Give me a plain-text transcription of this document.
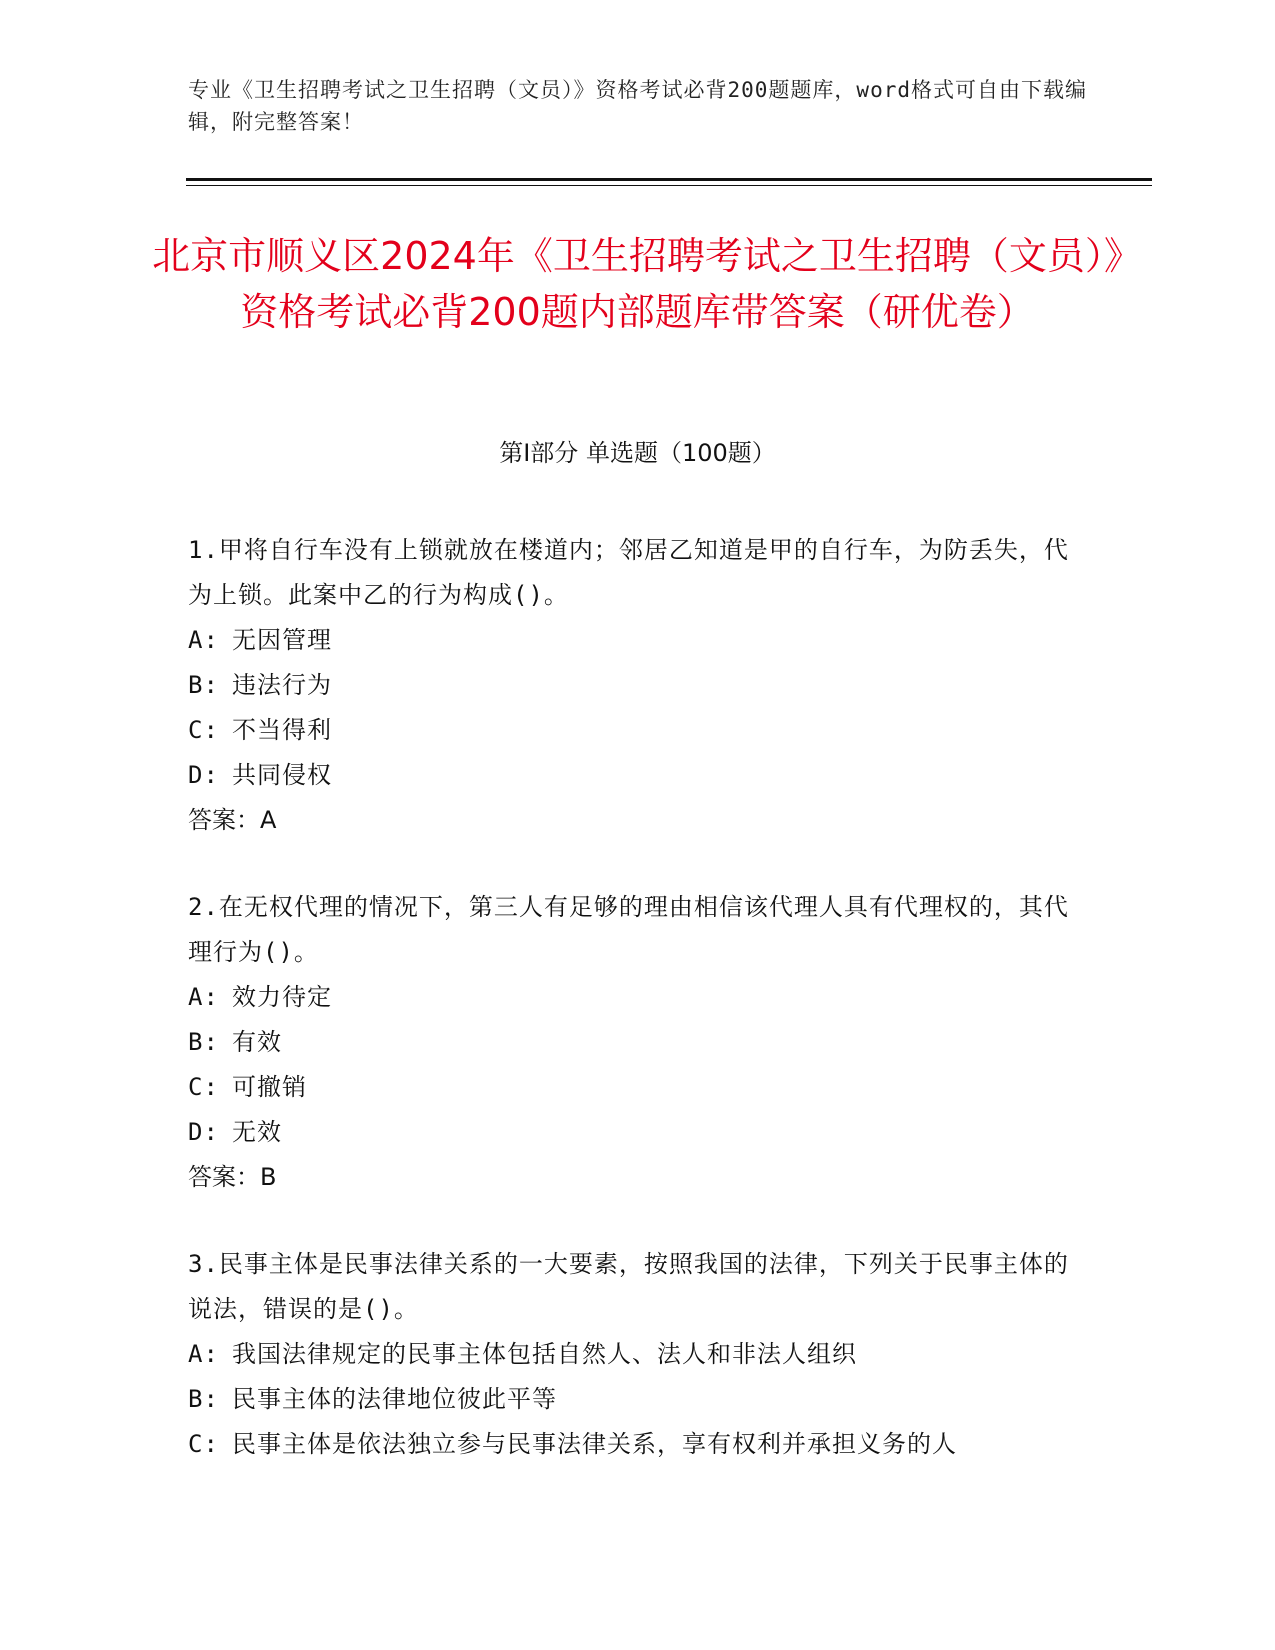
专业《卫生招聘考试之卫生招聘（文员）》资格考试必背200题题库，word格式可自由下载编辑，附完整答案！
北京市顺义区2024年《卫生招聘考试之卫生招聘（文员）》资格考试必背200题内部题库带答案（研优卷）
第Ⅰ部分 单选题（100题）
1.甲将自行车没有上锁就放在楼道内；邻居乙知道是甲的自行车，为防丢失，代为上锁。此案中乙的行为构成()。
A: 无因管理
B: 违法行为
C: 不当得利
D: 共同侵权
答案：A
2.在无权代理的情况下，第三人有足够的理由相信该代理人具有代理权的，其代理行为()。
A: 效力待定
B: 有效
C: 可撤销
D: 无效
答案：B
3.民事主体是民事法律关系的一大要素，按照我国的法律，下列关于民事主体的说法，错误的是()。
A: 我国法律规定的民事主体包括自然人、法人和非法人组织
B: 民事主体的法律地位彼此平等
C: 民事主体是依法独立参与民事法律关系，享有权利并承担义务的人
